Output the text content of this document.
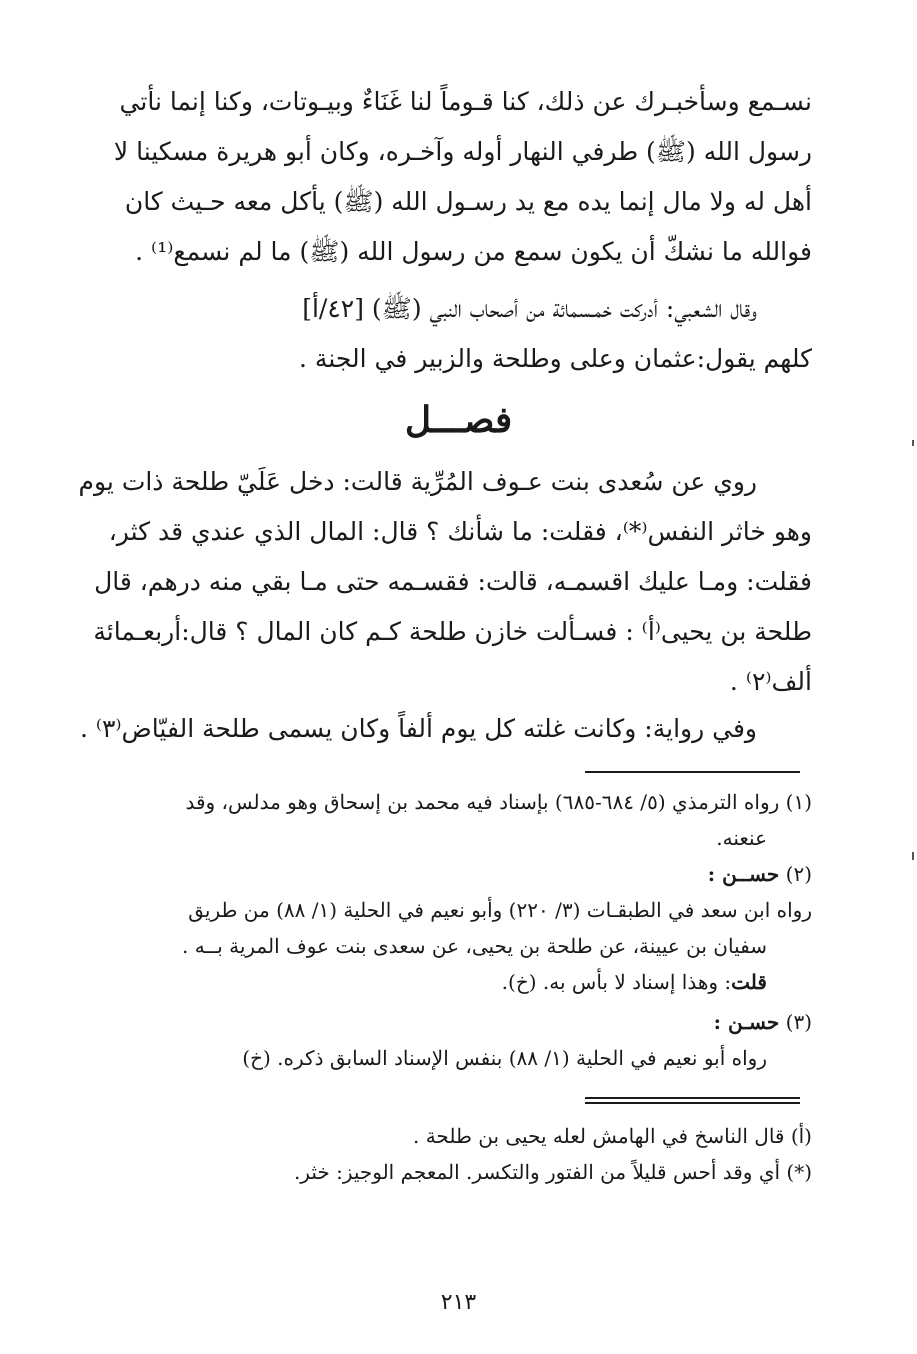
نسـمع وسأخبـرك عن ذلك، كنا قـوماً لنا غَنَاءٌ وبيـوتات، وكنا إنما نأتي
رسول الله (ﷺ) طرفي النهار أوله وآخـره، وكان أبو هريرة مسكينا لا
أهل له ولا مال إنما يده مع يد رسـول الله (ﷺ) يأكل معه حـيث كان
فوالله ما نشكّ أن يكون سمع من رسول الله (ﷺ) ما لم نسمع⁽¹⁾ .
وقال الشعبي: أدركت خمـسمائة من أصحاب النبي (ﷺ) [٤٢/أ]
كلهم يقول:عثمان وعلى وطلحة والزبير في الجنة .
فصـــل
روي عن سُعدى بنت عـوف المُرِّية قالت: دخل عَلَيّ طلحة ذات يوم
وهو خاثر النفس⁽*⁾، فقلت: ما شأنك ؟ قال: المال الذي عندي قد كثر،
فقلت: ومـا عليك اقسمـه، قالت: فقسـمه حتى مـا بقي منه درهم، قال
طلحة بن يحيى⁽أ⁾ : فسـألت خازن طلحة كـم كان المال ؟ قال:أربعـمائة
ألف⁽٢⁾ .
وفي رواية: وكانت غلته كل يوم ألفاً وكان يسمى طلحة الفيّاض⁽٣⁾ .
(١) رواه الترمذي (٥/ ٦٨٤-٦٨٥) بإسناد فيه محمد بن إسحاق وهو مدلس، وقد
عنعنه.
(٢) حســن :
رواه ابن سعد في الطبقـات (٣/ ٢٢٠) وأبو نعيم في الحلية (١/ ٨٨) من طريق
سفيان بن عيينة، عن طلحة بن يحيى، عن سعدى بنت عوف المرية بــه .
قلت: وهذا إسناد لا بأس به. (خ).
(٣) حسـن :
رواه أبو نعيم في الحلية (١/ ٨٨) بنفس الإسناد السابق ذكره. (خ)
(أ) قال الناسخ في الهامش لعله يحيى بن طلحة .
(*) أي وقد أحس قليلاً من الفتور والتكسر. المعجم الوجيز: خثر.
٢١٣
